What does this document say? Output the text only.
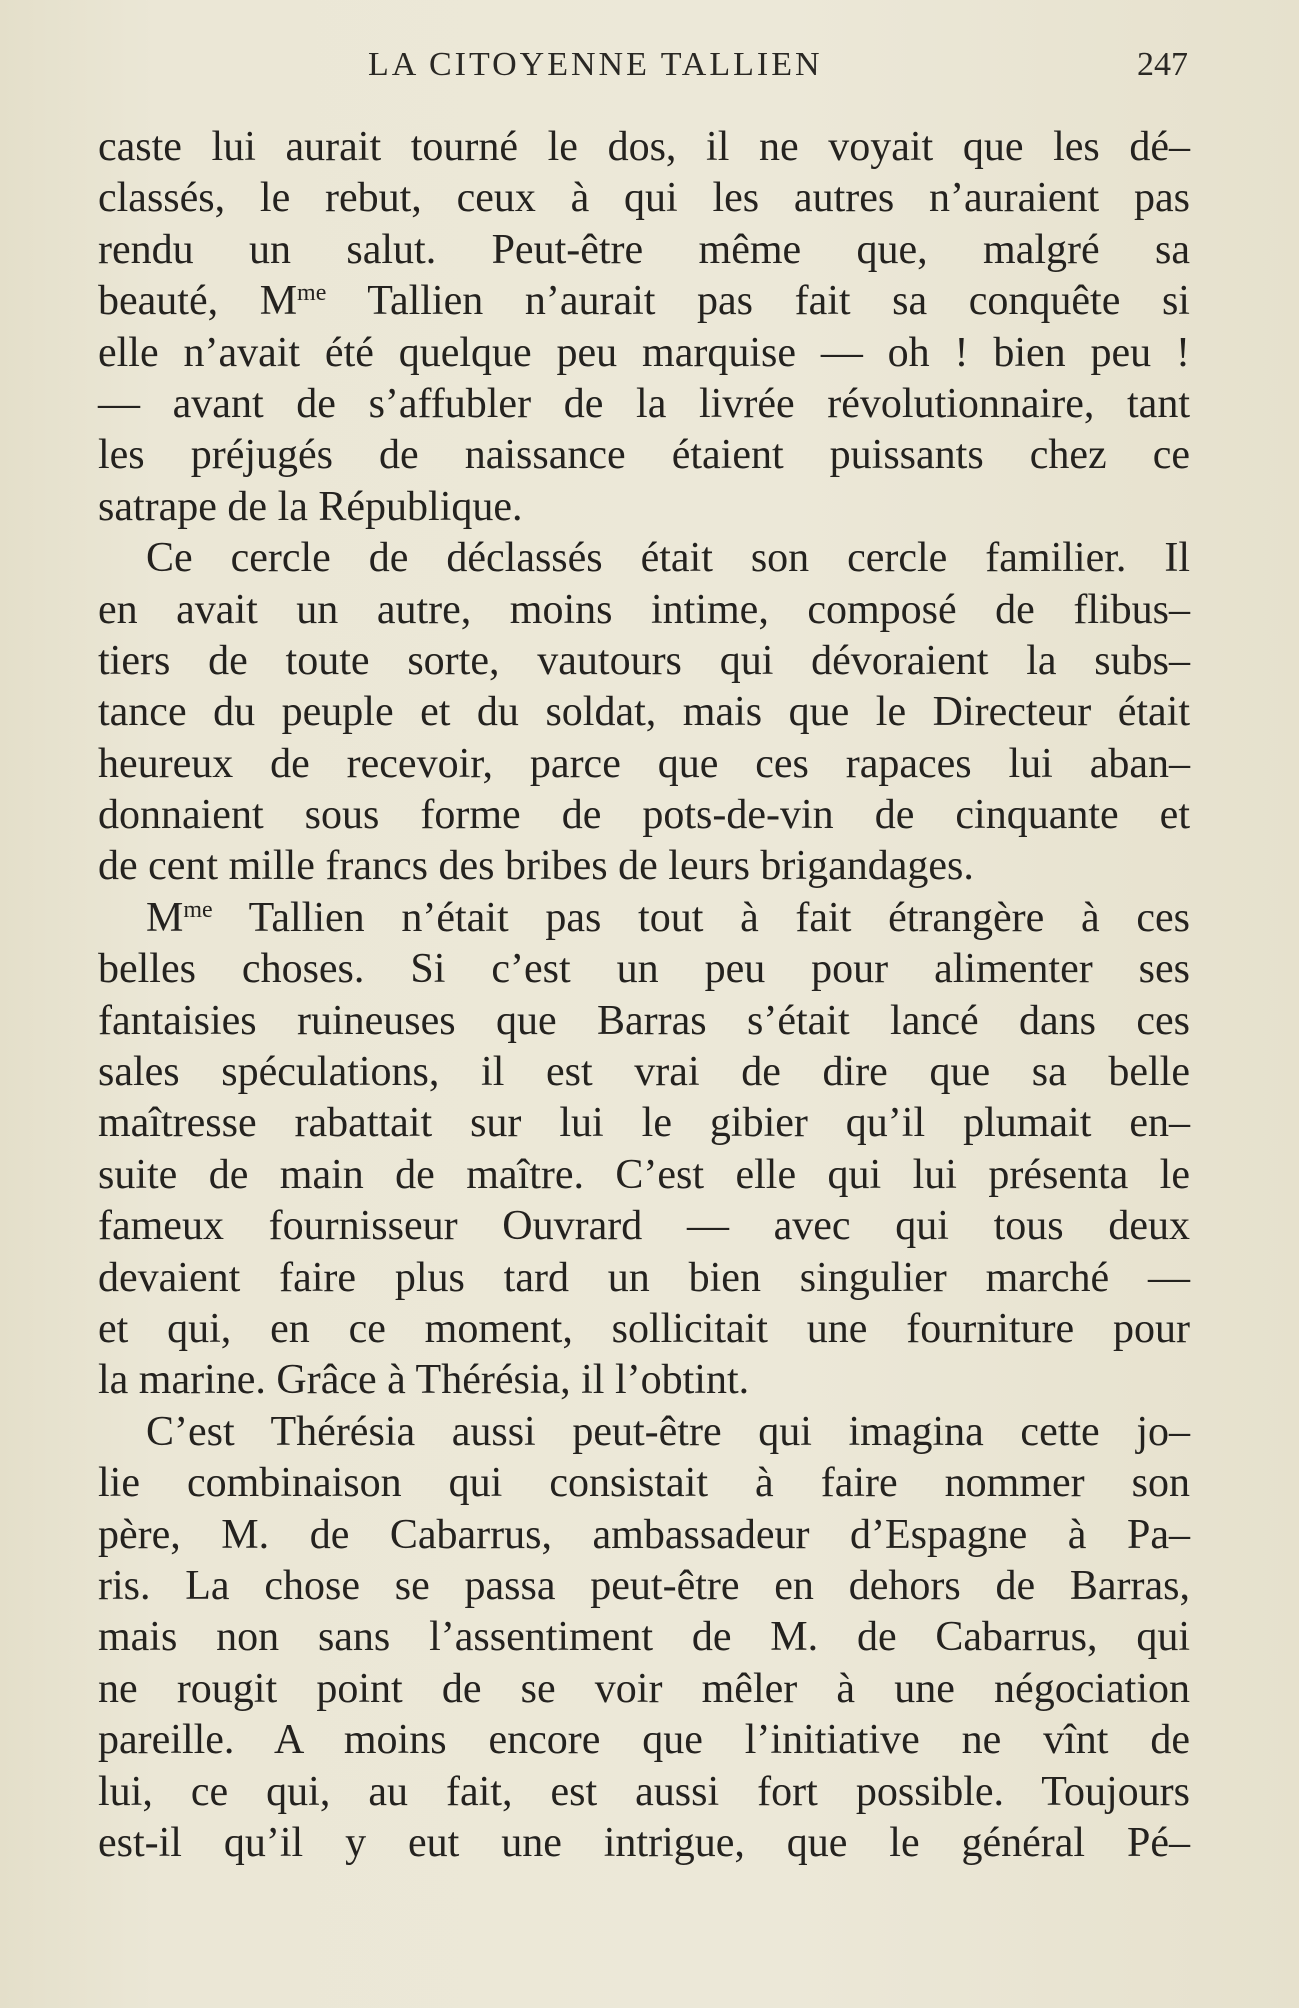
LA CITOYENNE TALLIEN	247
caste lui aurait tourné le dos, il ne voyait que les dé–
classés, le rebut, ceux à qui les autres n’auraient pas
rendu un salut. Peut-être même que, malgré sa
beauté, $M^{me}$ Tallien n’aurait pas fait sa conquête si
elle n’avait été quelque peu marquise — oh ! bien peu !
— avant de s’affubler de la livrée révolutionnaire, tant
les préjugés de naissance étaient puissants chez ce
satrape de la République.
Ce cercle de déclassés était son cercle familier. Il
en avait un autre, moins intime, composé de flibus–
tiers de toute sorte, vautours qui dévoraient la subs–
tance du peuple et du soldat, mais que le Directeur était
heureux de recevoir, parce que ces rapaces lui aban–
donnaient sous forme de pots-de-vin de cinquante et
de cent mille francs des bribes de leurs brigandages.
$M^{me}$ Tallien n’était pas tout à fait étrangère à ces
belles choses. Si c’est un peu pour alimenter ses
fantaisies ruineuses que Barras s’était lancé dans ces
sales spéculations, il est vrai de dire que sa belle
maîtresse rabattait sur lui le gibier qu’il plumait en–
suite de main de maître. C’est elle qui lui présenta le
fameux fournisseur Ouvrard — avec qui tous deux
devaient faire plus tard un bien singulier marché —
et qui, en ce moment, sollicitait une fourniture pour
la marine. Grâce à Thérésia, il l’obtint.
C’est Thérésia aussi peut-être qui imagina cette jo–
lie combinaison qui consistait à faire nommer son
père, M. de Cabarrus, ambassadeur d’Espagne à Pa–
ris. La chose se passa peut-être en dehors de Barras,
mais non sans l’assentiment de M. de Cabarrus, qui
ne rougit point de se voir mêler à une négociation
pareille. A moins encore que l’initiative ne vînt de
lui, ce qui, au fait, est aussi fort possible. Toujours
est-il qu’il y eut une intrigue, que le général Pé–
